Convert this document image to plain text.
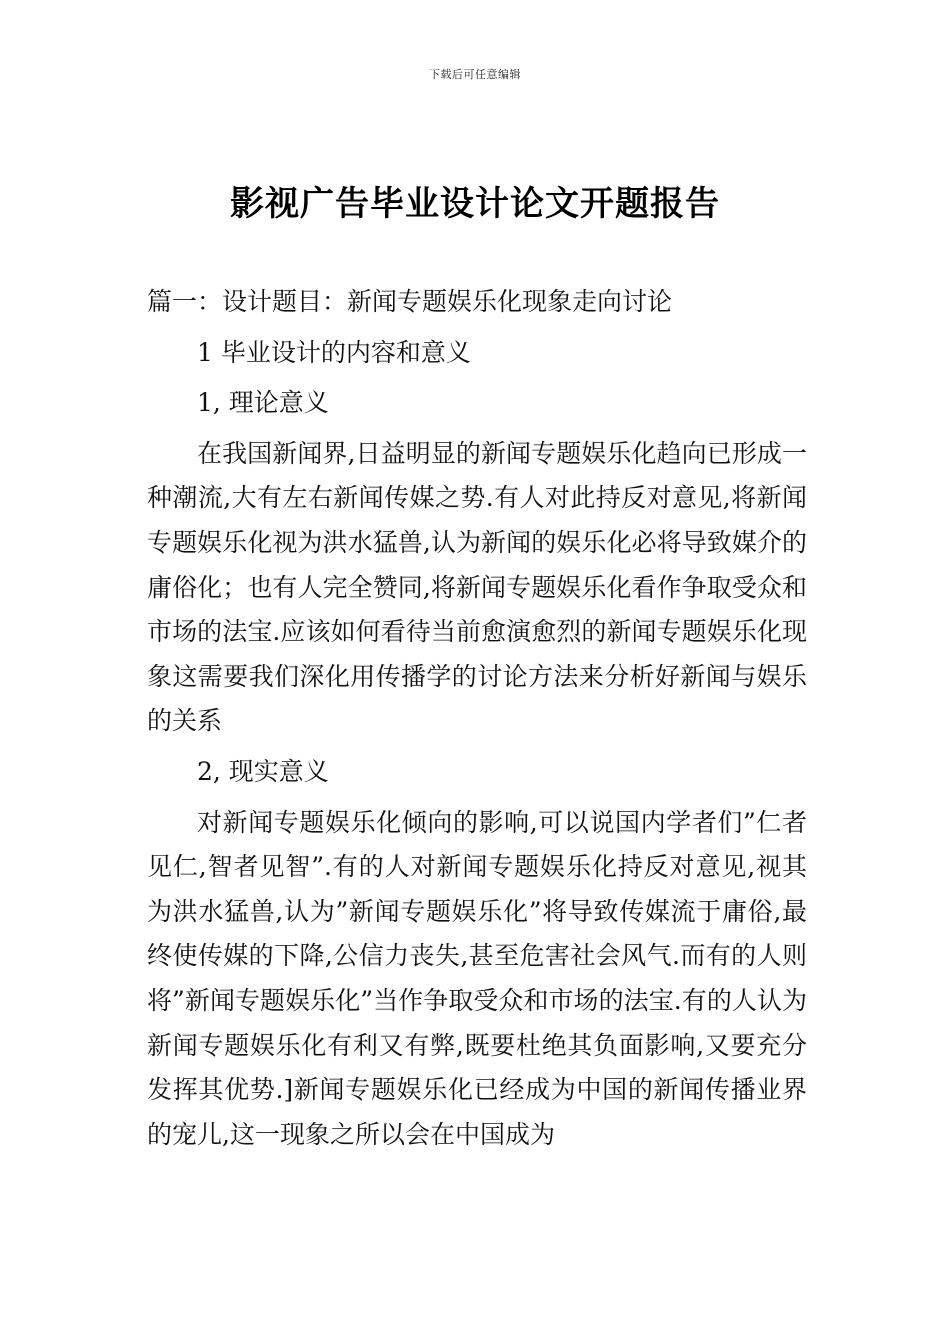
下载后可任意编辑
影视广告毕业设计论文开题报告

篇一：设计题目：新闻专题娱乐化现象走向讨论

1 毕业设计的内容和意义

1, 理论意义

在我国新闻界,日益明显的新闻专题娱乐化趋向已形成一种潮流,大有左右新闻传媒之势.有人对此持反对意见,将新闻专题娱乐化视为洪水猛兽,认为新闻的娱乐化必将导致媒介的庸俗化；也有人完全赞同,将新闻专题娱乐化看作争取受众和市场的法宝.应该如何看待当前愈演愈烈的新闻专题娱乐化现象这需要我们深化用传播学的讨论方法来分析好新闻与娱乐的关系

2, 现实意义

对新闻专题娱乐化倾向的影响,可以说国内学者们”仁者见仁,智者见智”.有的人对新闻专题娱乐化持反对意见,视其为洪水猛兽,认为”新闻专题娱乐化”将导致传媒流于庸俗,最终使传媒的下降,公信力丧失,甚至危害社会风气.而有的人则将”新闻专题娱乐化”当作争取受众和市场的法宝.有的人认为新闻专题娱乐化有利又有弊,既要杜绝其负面影响,又要充分发挥其优势.]新闻专题娱乐化已经成为中国的新闻传播业界的宠儿,这一现象之所以会在中国成为
